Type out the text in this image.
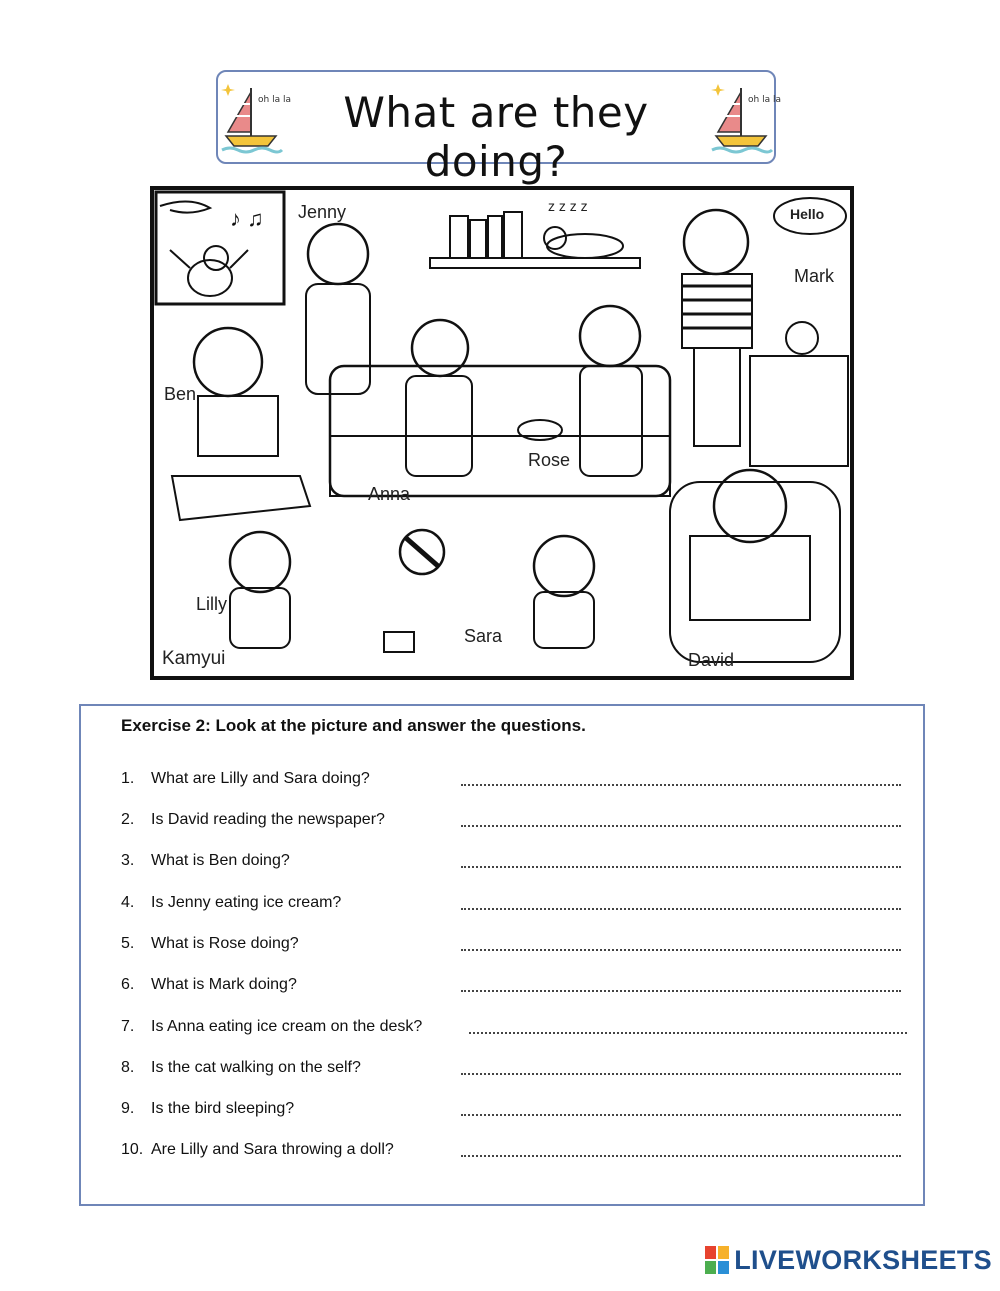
oh la la	What are they doing?
oh la la
♪ ♫ Jenny
Mark
Ben
Rose
Anna
Lilly
Sara
David
Kamyui
Hello
z z z z
Exercise 2: Look at the picture and answer the questions.
1.	What are Lilly and Sara doing?
2.	Is David reading the newspaper?
3.	What is Ben doing?
4.	Is Jenny eating ice cream?
5.	What is Rose doing?
6.	What is Mark doing?
7.	Is Anna eating ice cream on the desk?
8.	Is the cat walking on the self?
9.	Is the bird sleeping?
10. Are Lilly and Sara throwing a doll?
LIVEWORKSHEETS
